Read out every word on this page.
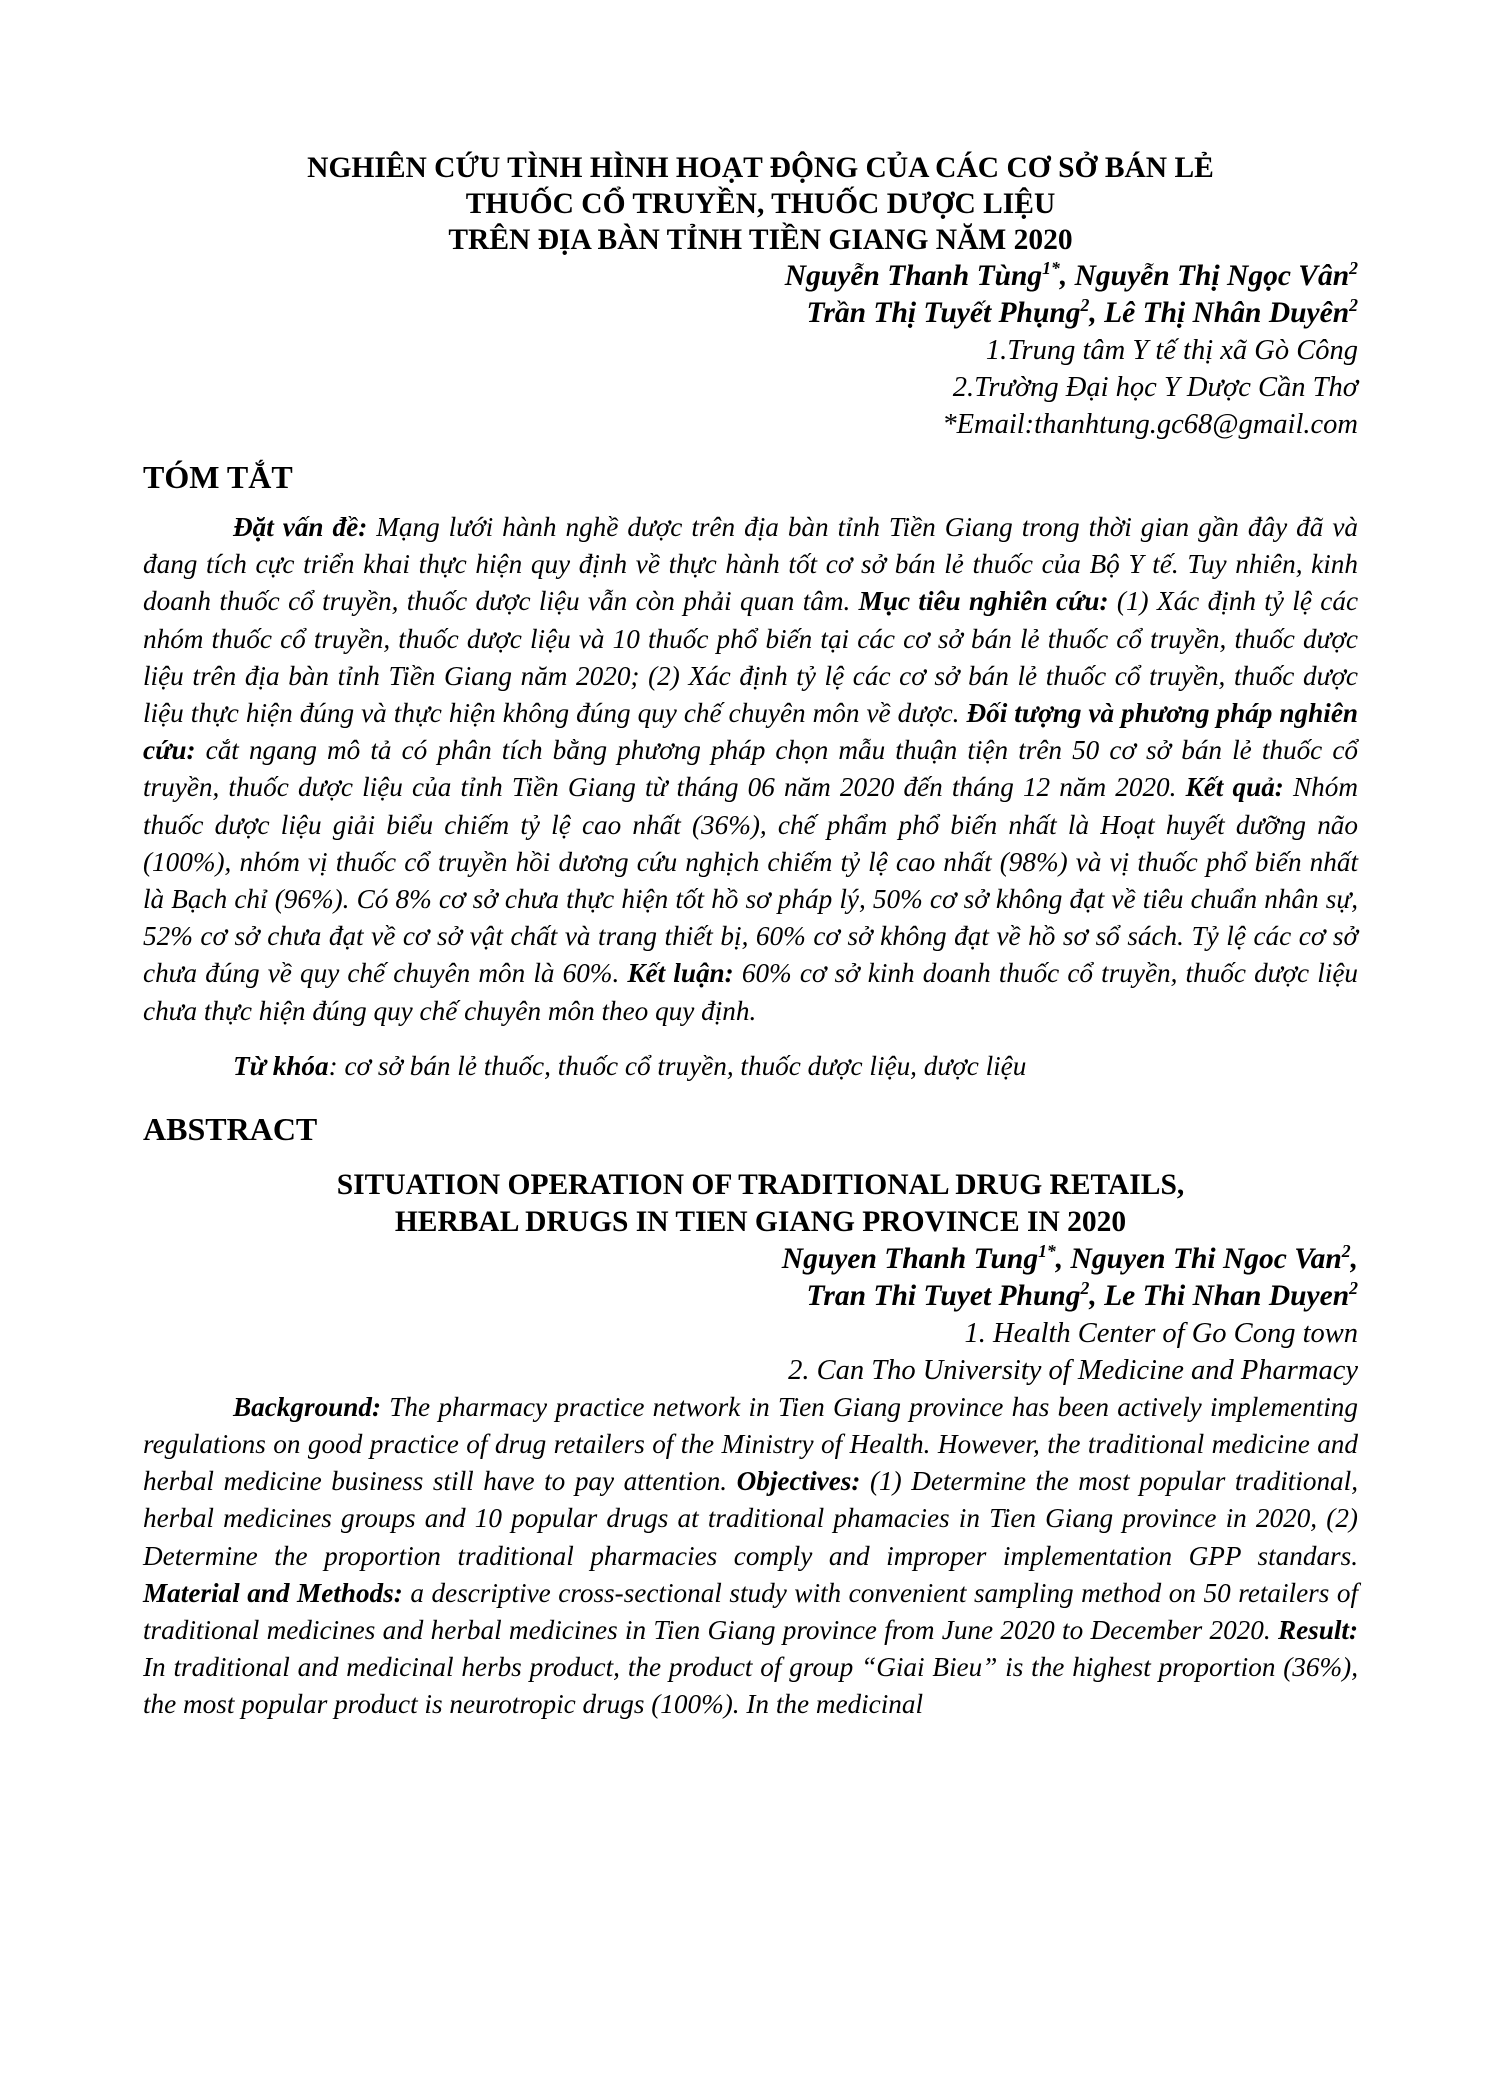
NGHIÊN CỨU TÌNH HÌNH HOẠT ĐỘNG CỦA CÁC CƠ SỞ BÁN LẺ
THUỐC CỔ TRUYỀN, THUỐC DƯỢC LIỆU
TRÊN ĐỊA BÀN TỈNH TIỀN GIANG NĂM 2020
Nguyễn Thanh Tùng$^{1*}$, Nguyễn Thị Ngọc Vân$^2$
Trần Thị Tuyết Phụng$^2$, Lê Thị Nhân Duyên$^2$
1.Trung tâm Y tế thị xã Gò Công
2.Trường Đại học Y Dược Cần Thơ
*Email:thanhtung.gc68@gmail.com
TÓM TẮT

Đặt vấn đề: Mạng lưới hành nghề dược trên địa bàn tỉnh Tiền Giang trong thời gian gần đây đã và đang tích cực triển khai thực hiện quy định về thực hành tốt cơ sở bán lẻ thuốc của Bộ Y tế. Tuy nhiên, kinh doanh thuốc cổ truyền, thuốc dược liệu vẫn còn phải quan tâm. Mục tiêu nghiên cứu: (1) Xác định tỷ lệ các nhóm thuốc cổ truyền, thuốc dược liệu và 10 thuốc phổ biến tại các cơ sở bán lẻ thuốc cổ truyền, thuốc dược liệu trên địa bàn tỉnh Tiền Giang năm 2020; (2) Xác định tỷ lệ các cơ sở bán lẻ thuốc cổ truyền, thuốc dược liệu thực hiện đúng và thực hiện không đúng quy chế chuyên môn về dược. Đối tượng và phương pháp nghiên cứu: cắt ngang mô tả có phân tích bằng phương pháp chọn mẫu thuận tiện trên 50 cơ sở bán lẻ thuốc cổ truyền, thuốc dược liệu của tỉnh Tiền Giang từ tháng 06 năm 2020 đến tháng 12 năm 2020. Kết quả: Nhóm thuốc dược liệu giải biểu chiếm tỷ lệ cao nhất (36%), chế phẩm phổ biến nhất là Hoạt huyết dưỡng não (100%), nhóm vị thuốc cổ truyền hồi dương cứu nghịch chiếm tỷ lệ cao nhất (98%) và vị thuốc phổ biến nhất là Bạch chỉ (96%). Có 8% cơ sở chưa thực hiện tốt hồ sơ pháp lý, 50% cơ sở không đạt về tiêu chuẩn nhân sự, 52% cơ sở chưa đạt về cơ sở vật chất và trang thiết bị, 60% cơ sở không đạt về hồ sơ sổ sách. Tỷ lệ các cơ sở chưa đúng về quy chế chuyên môn là 60%. Kết luận: 60% cơ sở kinh doanh thuốc cổ truyền, thuốc dược liệu chưa thực hiện đúng quy chế chuyên môn theo quy định.

Từ khóa: cơ sở bán lẻ thuốc, thuốc cổ truyền, thuốc dược liệu, dược liệu

ABSTRACT
SITUATION OPERATION OF TRADITIONAL DRUG RETAILS,
HERBAL DRUGS IN TIEN GIANG PROVINCE IN 2020
Nguyen Thanh Tung$^{1*}$, Nguyen Thi Ngoc Van$^2$,
Tran Thi Tuyet Phung$^2$, Le Thi Nhan Duyen$^2$
1. Health Center of Go Cong town
2. Can Tho University of Medicine and Pharmacy

Background: The pharmacy practice network in Tien Giang province has been actively implementing regulations on good practice of drug retailers of the Ministry of Health. However, the traditional medicine and herbal medicine business still have to pay attention. Objectives: (1) Determine the most popular traditional, herbal medicines groups and 10 popular drugs at traditional phamacies in Tien Giang province in 2020, (2) Determine the proportion traditional pharmacies comply and improper implementation GPP standars. Material and Methods: a descriptive cross-sectional study with convenient sampling method on 50 retailers of traditional medicines and herbal medicines in Tien Giang province from June 2020 to December 2020. Result: In traditional and medicinal herbs product, the product of group “Giai Bieu” is the highest proportion (36%), the most popular product is neurotropic drugs (100%). In the medicinal
